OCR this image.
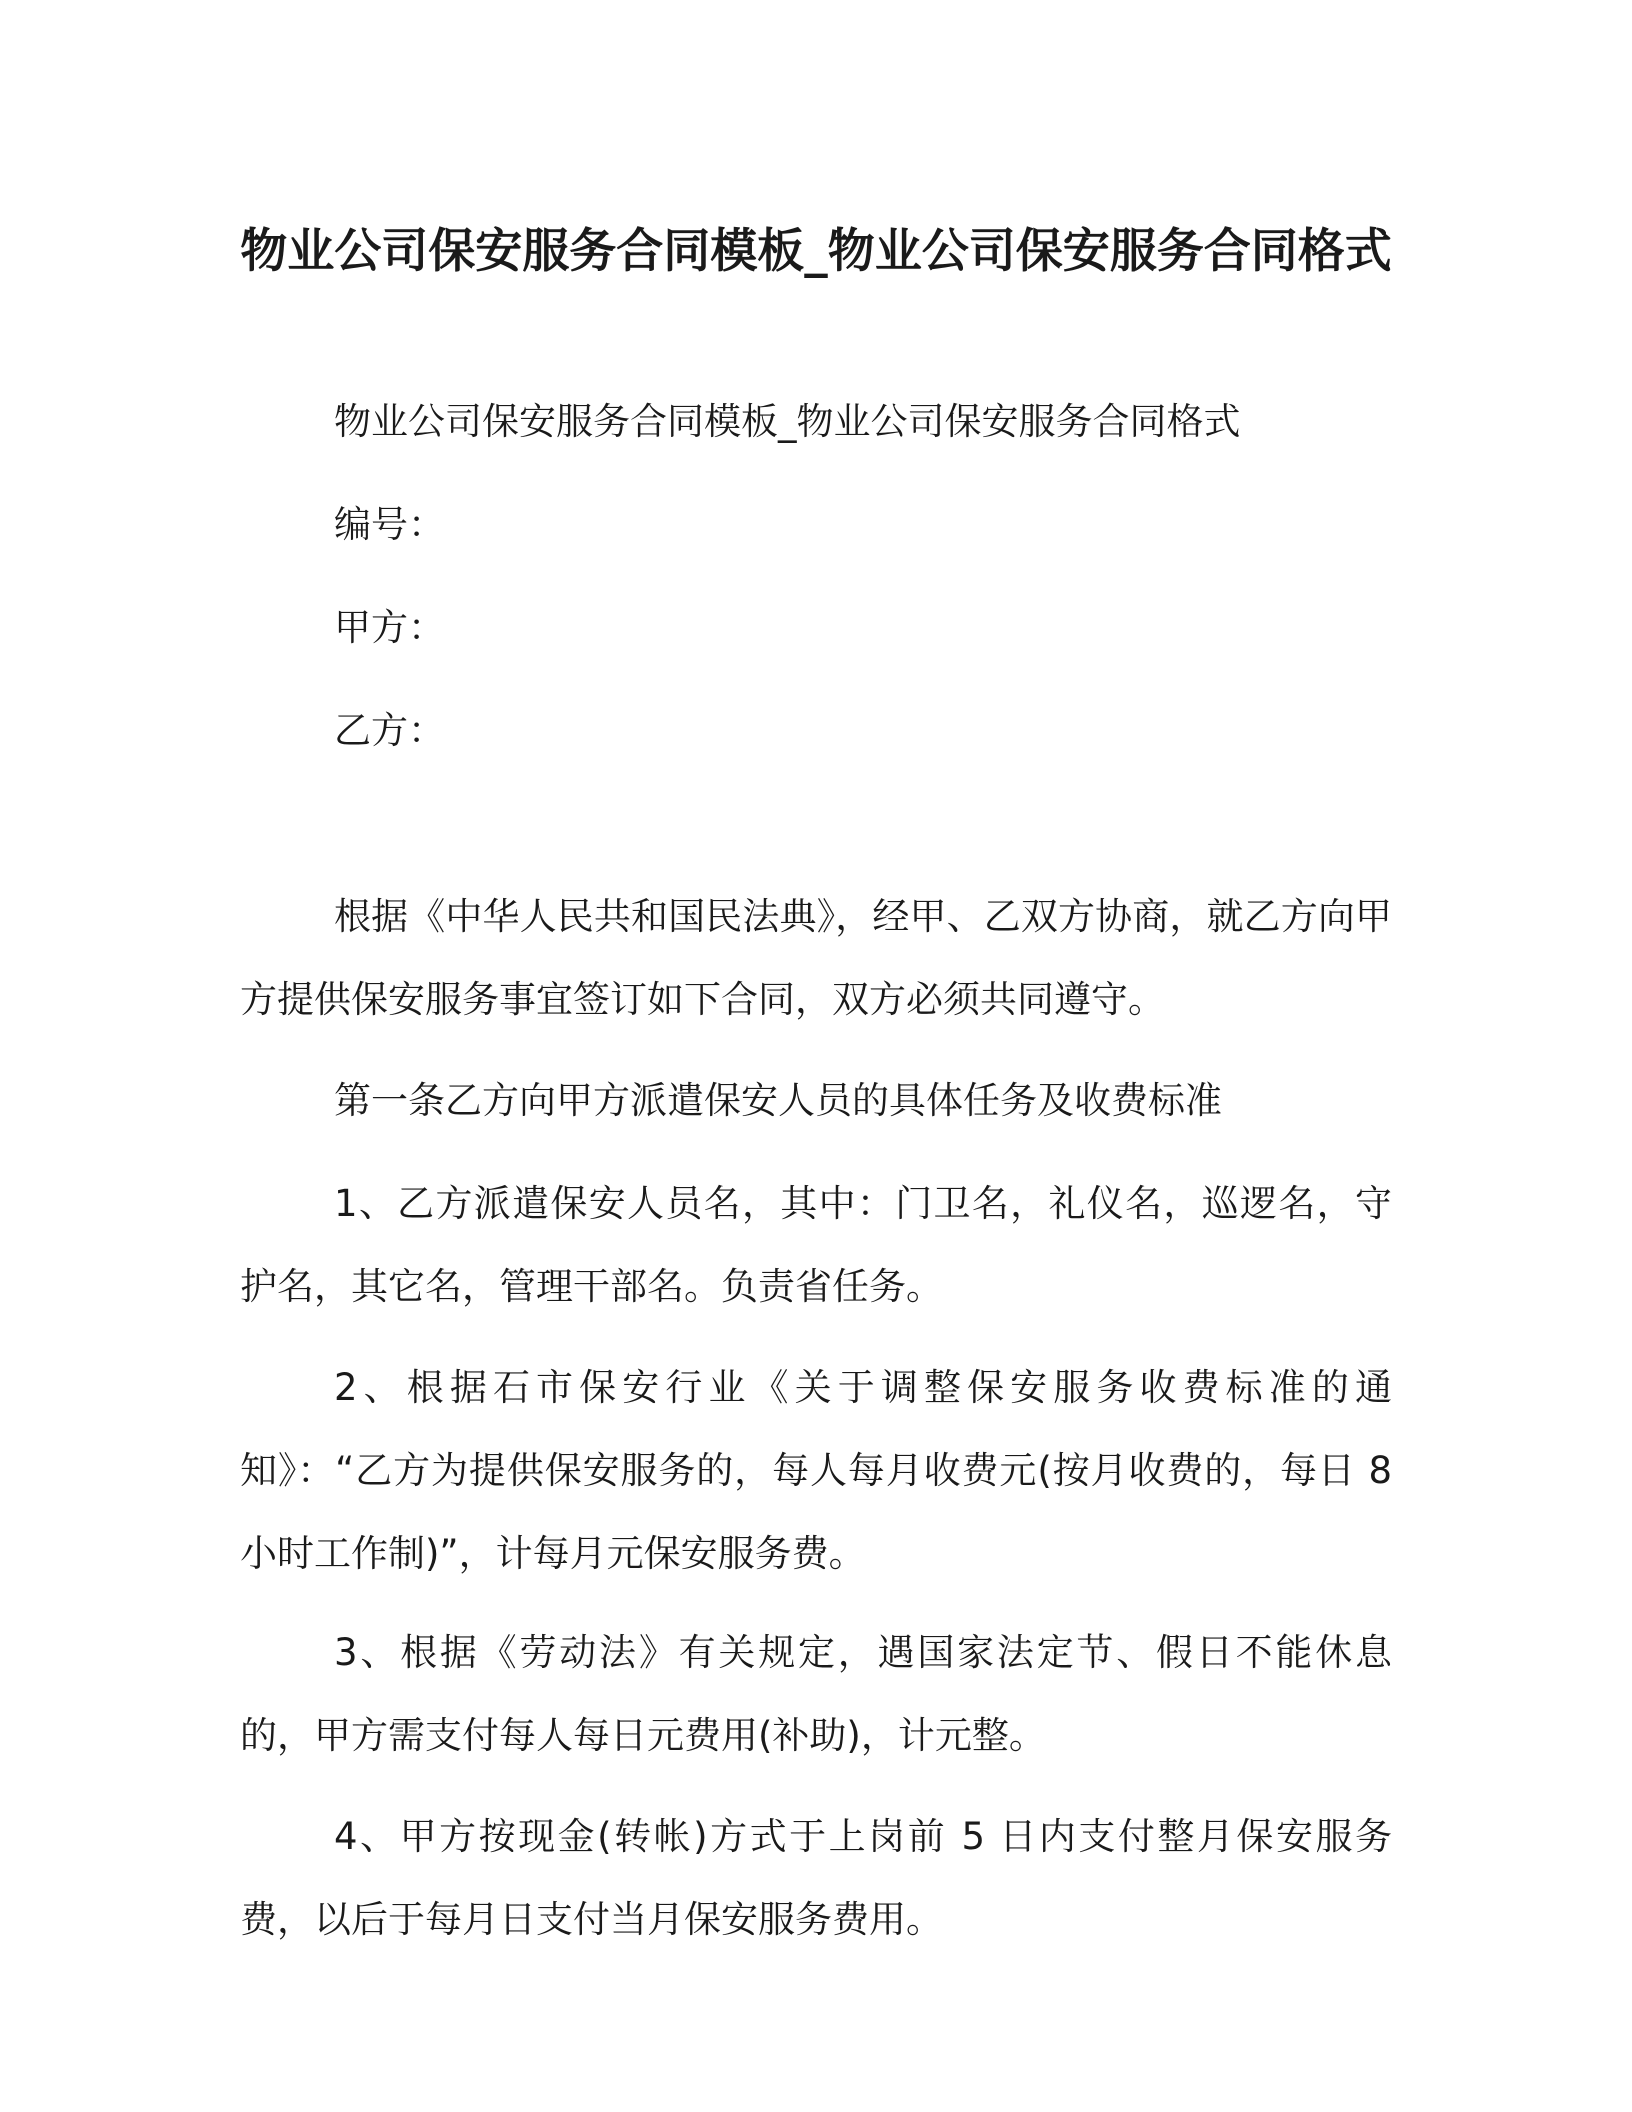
物业公司保安服务合同模板_物业公司保安服务合同格式
物业公司保安服务合同模板_物业公司保安服务合同格式
编号：
甲方：
乙方：

根据《中华人民共和国民法典》，经甲、乙双方协商，就乙方向甲方提供保安服务事宜签订如下合同，双方必须共同遵守。

第一条乙方向甲方派遣保安人员的具体任务及收费标准

1、乙方派遣保安人员名，其中：门卫名，礼仪名，巡逻名，守护名，其它名，管理干部名。负责省任务。

2、根据石市保安行业《关于调整保安服务收费标准的通知》：“乙方为提供保安服务的，每人每月收费元(按月收费的，每日 8 小时工作制)”，计每月元保安服务费。

3、根据《劳动法》有关规定，遇国家法定节、假日不能休息的，甲方需支付每人每日元费用(补助)，计元整。

4、甲方按现金(转帐)方式于上岗前 5 日内支付整月保安服务费，以后于每月日支付当月保安服务费用。
